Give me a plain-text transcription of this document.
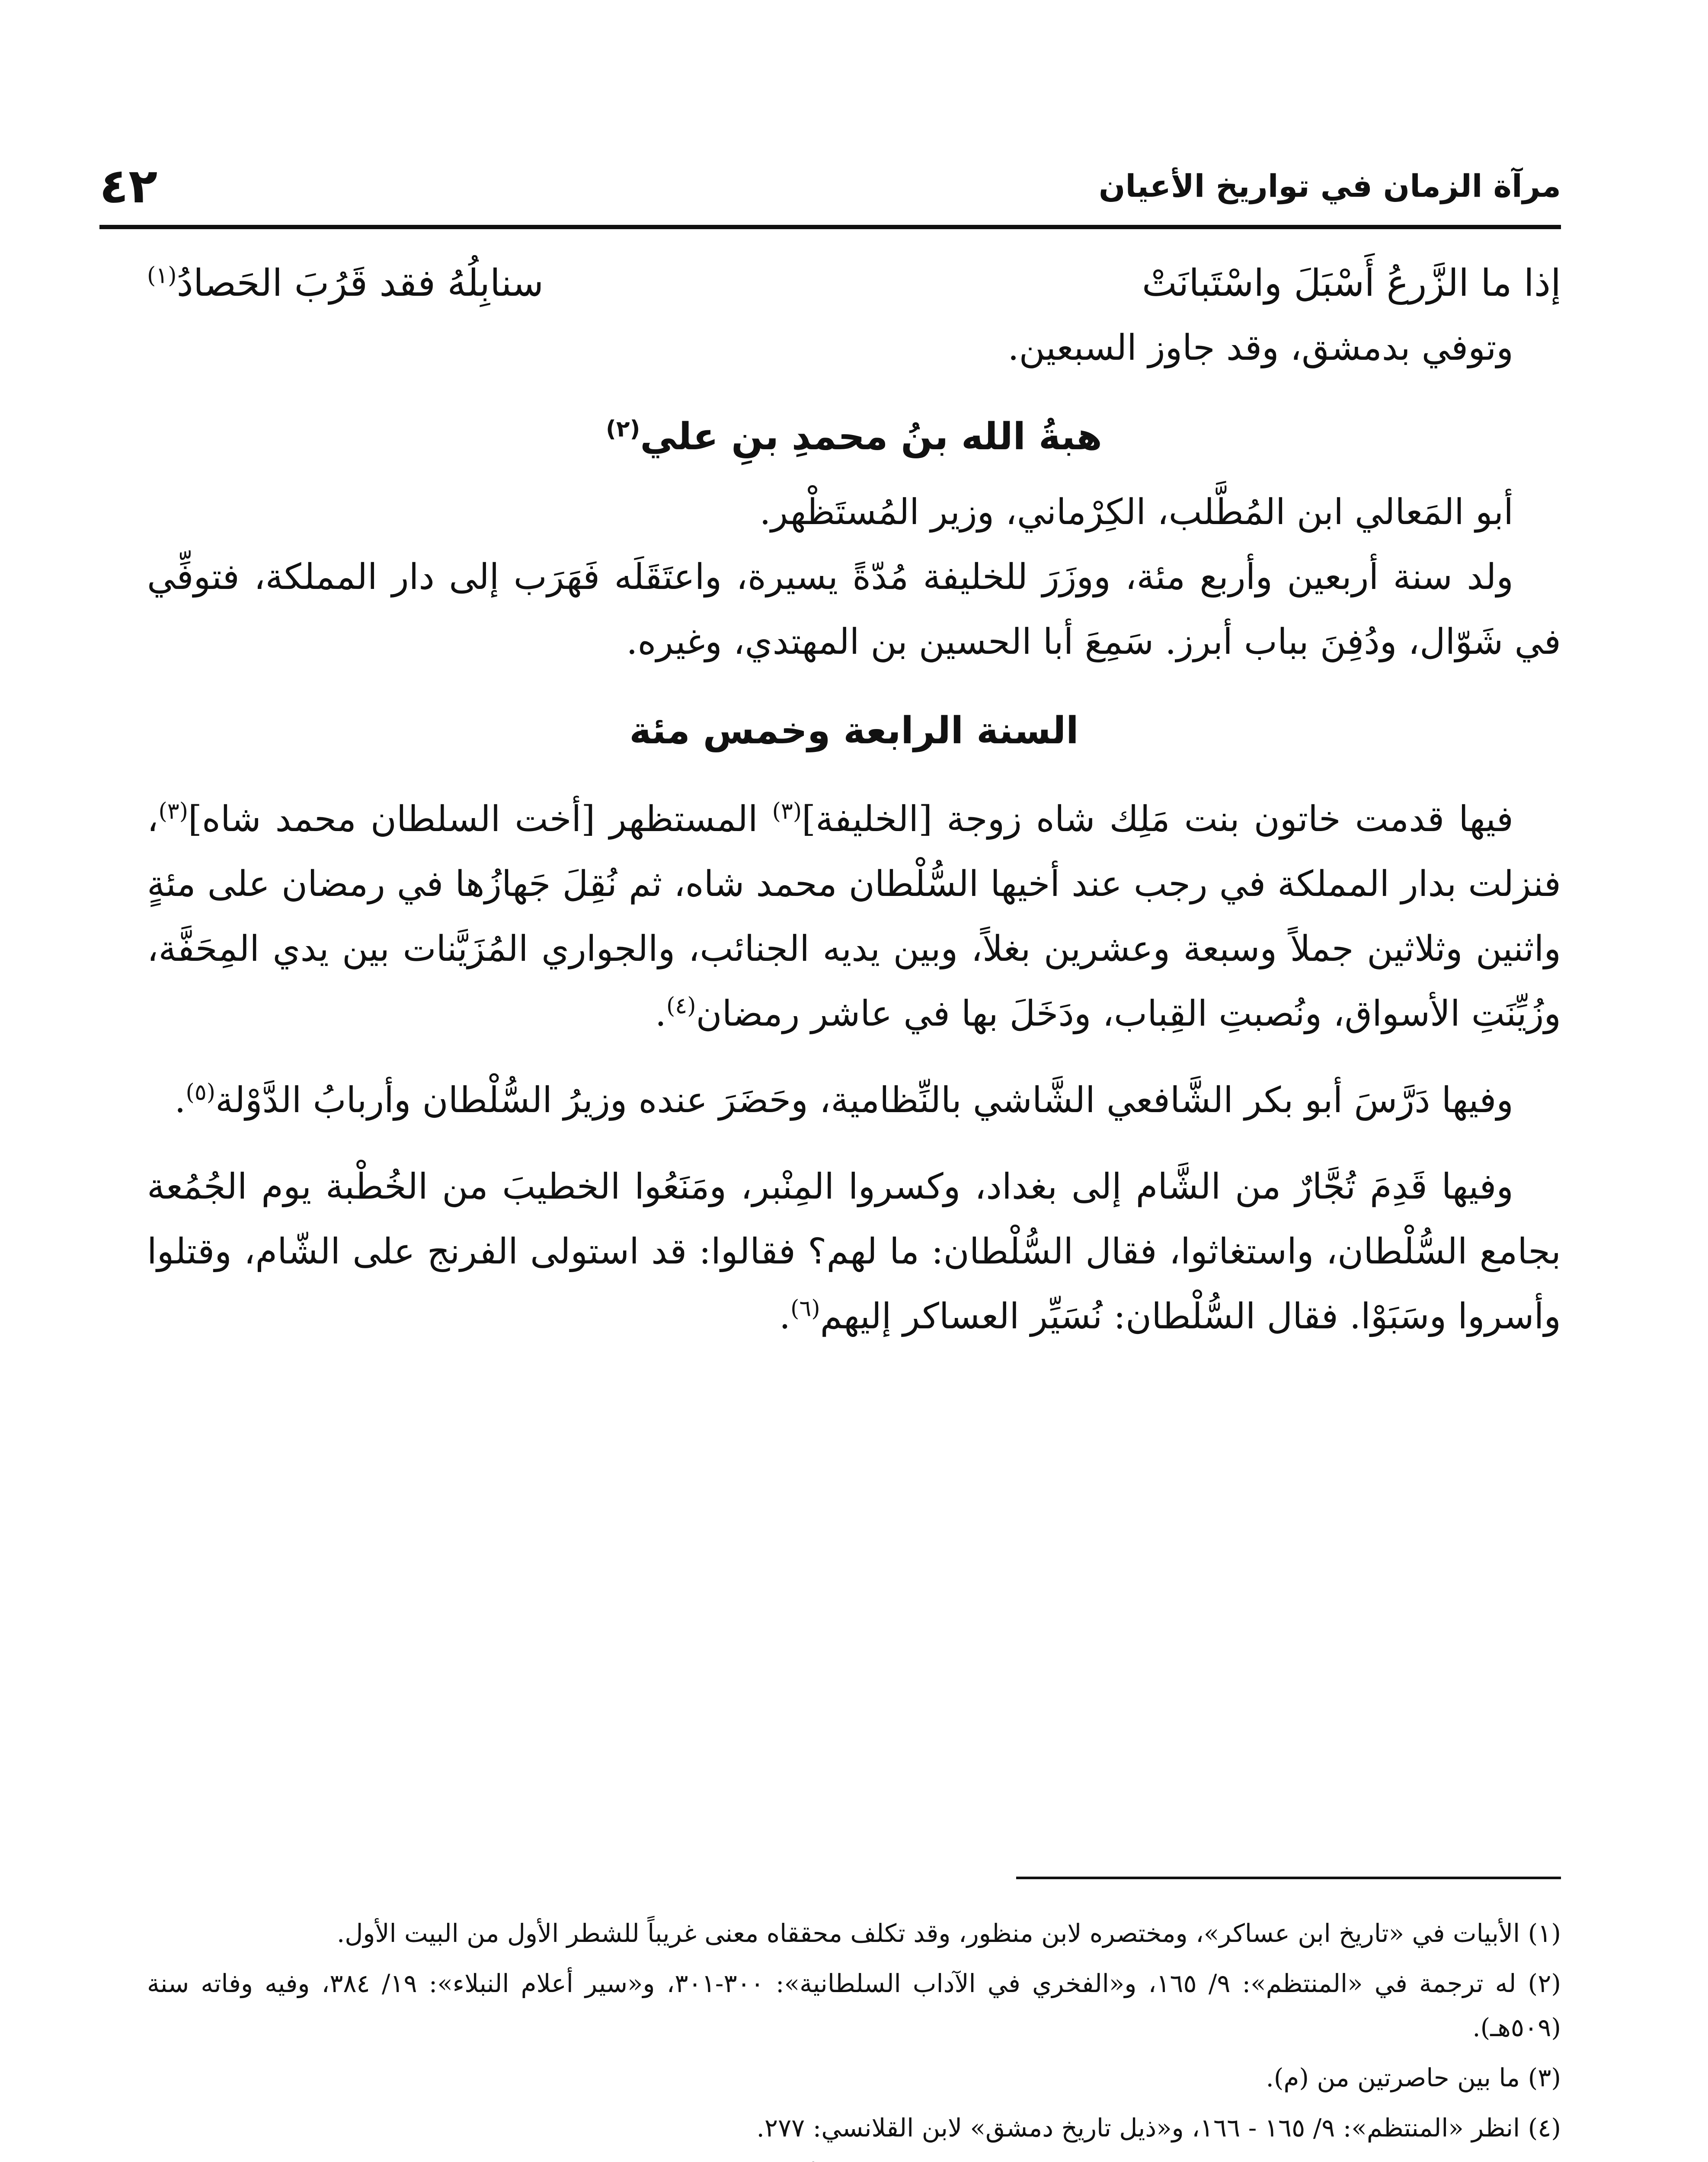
مرآة الزمان في تواريخ الأعيان
٤٢
إذا ما الزَّرعُ أَسْبَلَ واسْتَبانَتْ
سنابِلُهُ فقد قَرُبَ الحَصادُ$^{(١)}$

وتوفي بدمشق، وقد جاوز السبعين.

هبةُ الله بنُ محمدِ بنِ علي$^{(٢)}$

أبو المَعالي ابن المُطَّلب، الكِرْماني، وزير المُستَظْهر.

ولد سنة أربعين وأربع مئة، ووزَرَ للخليفة مُدّةً يسيرة، واعتَقَلَه فَهَرَب إلى دار المملكة، فتوفِّي في شَوّال، ودُفِنَ بباب أبرز. سَمِعَ أبا الحسين بن المهتدي، وغيره.

السنة الرابعة وخمس مئة

فيها قدمت خاتون بنت مَلِك شاه زوجة [الخليفة]$^{(٣)}$ المستظهر [أخت السلطان محمد شاه]$^{(٣)}$، فنزلت بدار المملكة في رجب عند أخيها السُّلْطان محمد شاه، ثم نُقِلَ جَهازُها في رمضان على مئةٍ واثنين وثلاثين جملاً وسبعة وعشرين بغلاً، وبين يديه الجنائب، والجواري المُزَيَّنات بين يدي المِحَفَّة، وزُيِّنَتِ الأسواق، ونُصبتِ القِباب، ودَخَلَ بها في عاشر رمضان$^{(٤)}$.

وفيها دَرَّسَ أبو بكر الشَّافعي الشَّاشي بالنِّظامية، وحَضَرَ عنده وزيرُ السُّلْطان وأربابُ الدَّوْلة$^{(٥)}$.

وفيها قَدِمَ تُجَّارٌ من الشَّام إلى بغداد، وكسروا المِنْبر، ومَنَعُوا الخطيبَ من الخُطْبة يوم الجُمُعة بجامع السُّلْطان، واستغاثوا، فقال السُّلْطان: ما لهم؟ فقالوا: قد استولى الفرنج على الشّام، وقتلوا وأسروا وسَبَوْا. فقال السُّلْطان: نُسَيِّر العساكر إليهم$^{(٦)}$.

(١) الأبيات في «تاريخ ابن عساكر»، ومختصره لابن منظور، وقد تكلف محققاه معنى غريباً للشطر الأول من البيت الأول.
(٢) له ترجمة في «المنتظم»: ٩/ ١٦٥، و«الفخري في الآداب السلطانية»: ٣٠٠-٣٠١، و«سير أعلام النبلاء»: ١٩/ ٣٨٤، وفيه وفاته سنة (٥٠٩هـ).
(٣) ما بين حاصرتين من (م).
(٤) انظر «المنتظم»: ٩/ ١٦٥ - ١٦٦، و«ذيل تاريخ دمشق» لابن القلانسي: ٢٧٧.
